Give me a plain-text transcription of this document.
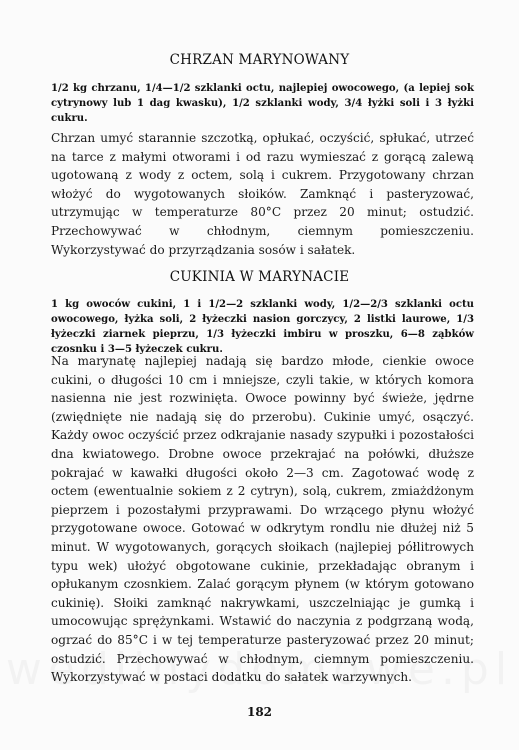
CHRZAN MARYNOWANY
1/2 kg chrzanu, 1/4—1/2 szklanki octu, najlepiej owocowego, (a lepiej sok cytrynowy lub 1 dag kwasku), 1/2 szklanki wody, 3/4 łyżki soli i 3 łyżki cukru.
Chrzan umyć starannie szczotką, opłukać, oczyścić, spłukać, utrzeć na tarce z małymi otworami i od razu wymieszać z gorącą zalewą ugotowaną z wody z octem, solą i cukrem. Przygotowany chrzan włożyć do wygotowanych słoików. Zamknąć i pasteryzować, utrzymując w temperaturze 80°C przez 20 minut; ostudzić. Przechowywać w chłodnym, ciemnym pomieszczeniu. Wykorzystywać do przyrządzania sosów i sałatek.
CUKINIA W MARYNACIE
1 kg owoców cukini, 1 i 1/2—2 szklanki wody, 1/2—2/3 szklanki octu owocowego, łyżka soli, 2 łyżeczki nasion gorczycy, 2 listki laurowe, 1/3 łyżeczki ziarnek pieprzu, 1/3 łyżeczki imbiru w proszku, 6—8 ząbków czosnku i 3—5 łyżeczek cukru.
Na marynatę najlepiej nadają się bardzo młode, cienkie owoce cukini, o długości 10 cm i mniejsze, czyli takie, w których komora nasienna nie jest rozwinięta. Owoce powinny być świeże, jędrne (zwiędnięte nie nadają się do przerobu). Cukinie umyć, osączyć. Każdy owoc oczyścić przez odkrajanie nasady szypułki i pozostałości dna kwiatowego. Drobne owoce przekrajać na połówki, dłuższe pokrajać w kawałki długości około 2—3 cm. Zagotować wodę z octem (ewentualnie sokiem z 2 cytryn), solą, cukrem, zmiażdżonym pieprzem i pozostałymi przyprawami. Do wrzącego płynu włożyć przygotowane owoce. Gotować w odkrytym rondlu nie dłużej niż 5 minut. W wygotowanych, gorących słoikach (najlepiej półlitrowych typu wek) ułożyć obgotowane cukinie, przekładając obranym i opłukanym czosnkiem. Zalać gorącym płynem (w którym gotowano cukinię). Słoiki zamknąć nakrywkami, uszczelniając je gumką i umocowując sprężynkami. Wstawić do naczynia z podgrzaną wodą, ogrzać do 85°C i w tej temperaturze pasteryzować przez 20 minut; ostudzić. Przechowywać w chłodnym, ciemnym pomieszczeniu. Wykorzystywać w postaci dodatku do sałatek warzywnych.
182
